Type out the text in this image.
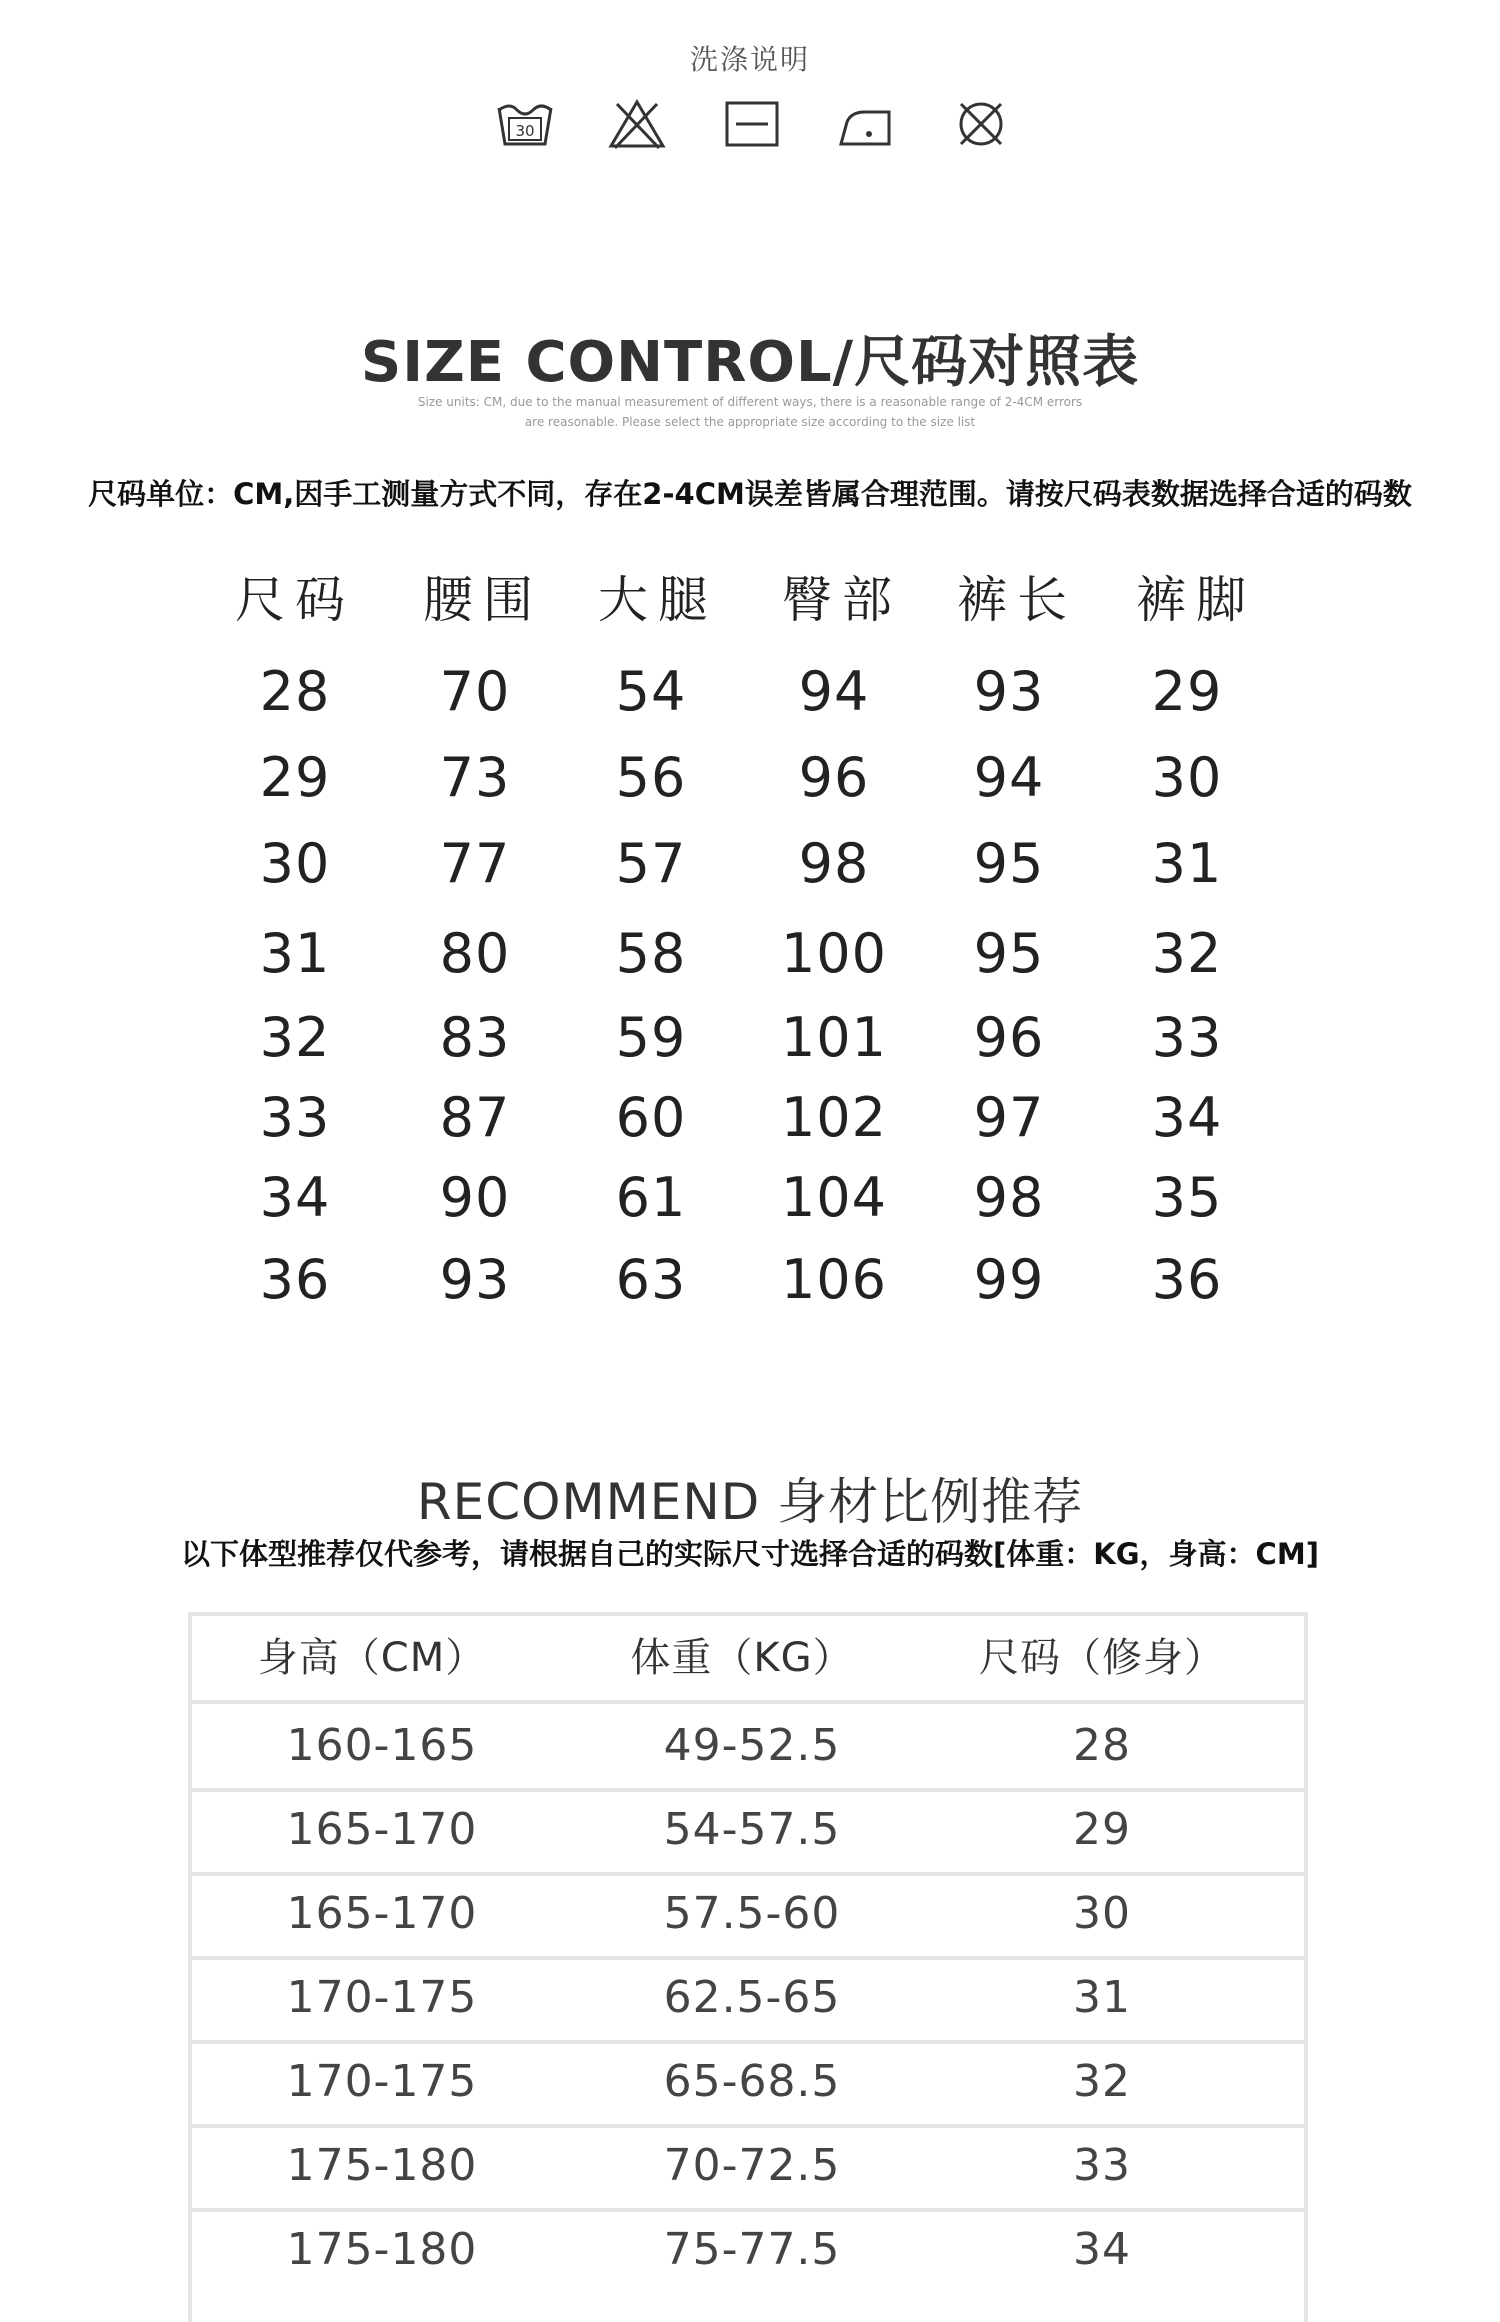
洗涤说明
30
SIZE CONTROL/尺码对照表
Size units: CM, due to the manual measurement of different ways, there is a reasonable range of 2-4CM errors
are reasonable. Please select the appropriate size according to the size list
尺码单位：CM,因手工测量方式不同，存在2-4CM误差皆属合理范围。请按尺码表数据选择合适的码数
尺码	腰围	大腿	臀部	裤长	裤脚
28	70	54	94	93	29
29	73	56	96	94	30
30	77	57	98	95	31
31	80	58	100	95	32
32	83	59	101	96	33
33	87	60	102	97	34
34	90	61	104	98	35
36	93	63	106	99	36
RECOMMEND 身材比例推荐
以下体型推荐仅代参考，请根据自己的实际尺寸选择合适的码数[体重：KG，身高：CM]
身高（CM）	体重（KG）	尺码（修身）
160-165	49-52.5	28
165-170	54-57.5	29
165-170	57.5-60	30
170-175	62.5-65	31
170-175	65-68.5	32
175-180	70-72.5	33
175-180	75-77.5	34
